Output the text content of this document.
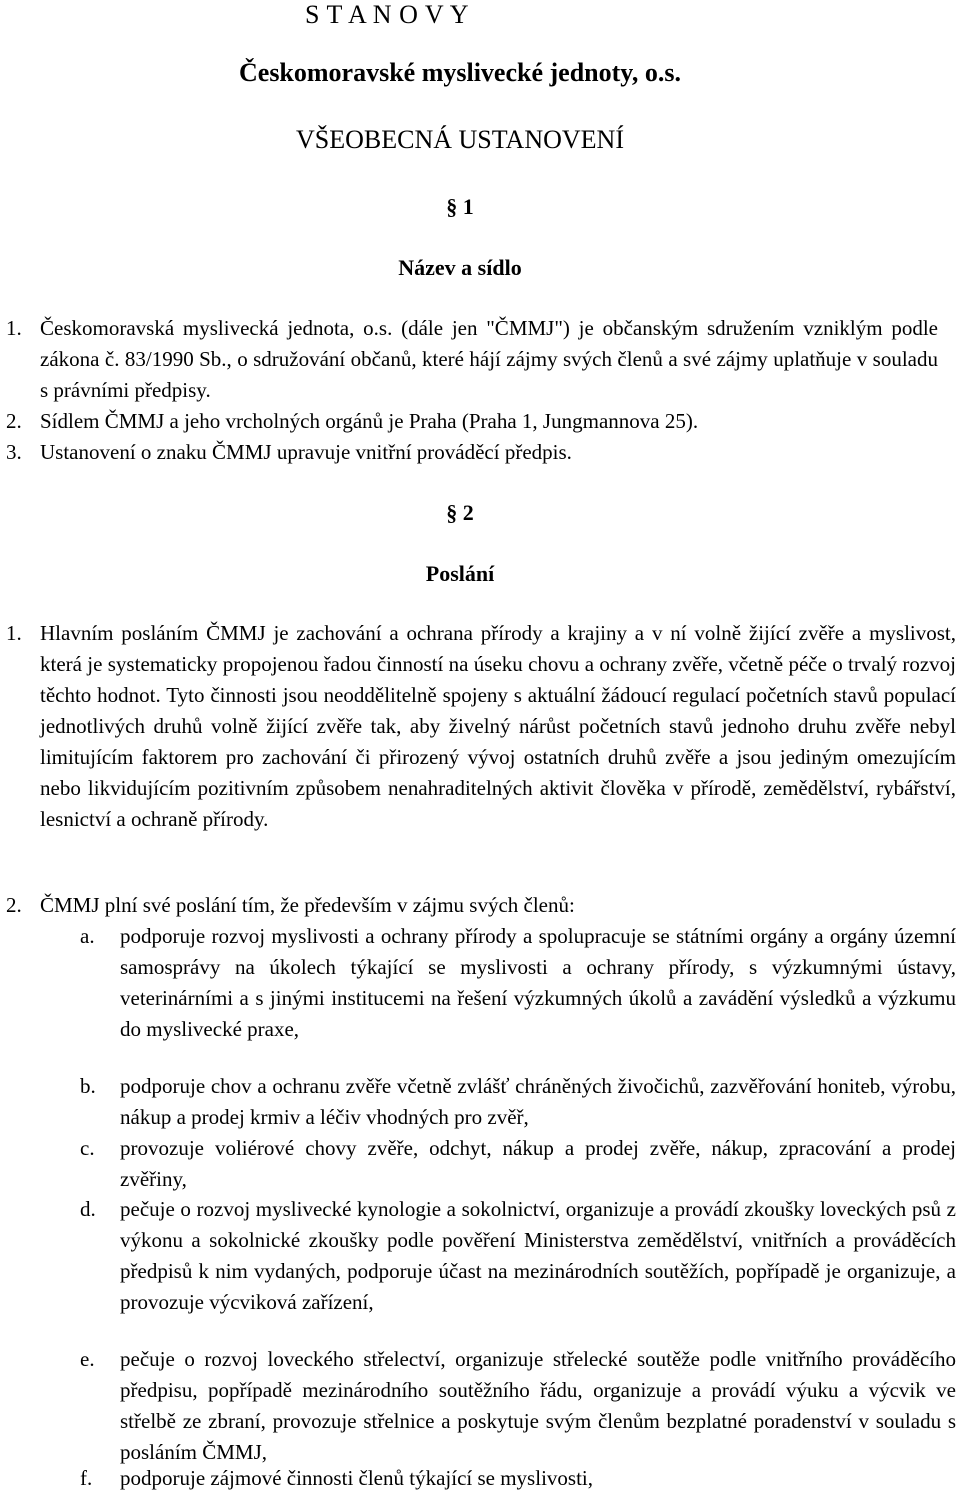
S T A N O V Y
Českomoravské myslivecké jednoty, o.s.
VŠEOBECNÁ USTANOVENÍ
§ 1
Název a sídlo
1. Českomoravská myslivecká jednota, o.s. (dále jen "ČMMJ") je občanským sdružením vzniklým podle zákona č. 83/1990 Sb., o sdružování občanů, které hájí zájmy svých členů a své zájmy uplatňuje v souladu s právními předpisy.
2. Sídlem ČMMJ a jeho vrcholných orgánů je Praha (Praha 1, Jungmannova 25).
3. Ustanovení o znaku ČMMJ upravuje vnitřní prováděcí předpis.
§ 2
Poslání
1. Hlavním posláním ČMMJ je zachování a ochrana přírody a krajiny a v ní volně žijící zvěře a myslivost, která je systematicky propojenou řadou činností na úseku chovu a ochrany zvěře, včetně péče o trvalý rozvoj těchto hodnot. Tyto činnosti jsou neoddělitelně spojeny s aktuální žádoucí regulací početních stavů populací jednotlivých druhů volně žijící zvěře tak, aby živelný nárůst početních stavů jednoho druhu zvěře nebyl limitujícím faktorem pro zachování či přirozený vývoj ostatních druhů zvěře a jsou jediným omezujícím nebo likvidujícím pozitivním způsobem nenahraditelných aktivit člověka v přírodě, zemědělství, rybářství, lesnictví a ochraně přírody.
2. ČMMJ plní své poslání tím, že především v zájmu svých členů:
a. podporuje rozvoj myslivosti a ochrany přírody a spolupracuje se státními orgány a orgány územní samosprávy na úkolech týkající se myslivosti a ochrany přírody, s výzkumnými ústavy, veterinárními a s jinými institucemi na řešení výzkumných úkolů a zavádění výsledků a výzkumu do myslivecké praxe,
b. podporuje chov a ochranu zvěře včetně zvlášť chráněných živočichů, zazvěřování honiteb, výrobu, nákup a prodej krmiv a léčiv vhodných pro zvěř,
c. provozuje voliérové chovy zvěře, odchyt, nákup a prodej zvěře, nákup, zpracování a prodej zvěřiny,
d. pečuje o rozvoj myslivecké kynologie a sokolnictví, organizuje a provádí zkoušky loveckých psů z výkonu a sokolnické zkoušky podle pověření Ministerstva zemědělství, vnitřních a prováděcích předpisů k nim vydaných, podporuje účast na mezinárodních soutěžích, popřípadě je organizuje, a provozuje výcviková zařízení,
e. pečuje o rozvoj loveckého střelectví, organizuje střelecké soutěže podle vnitřního prováděcího předpisu, popřípadě mezinárodního soutěžního řádu, organizuje a provádí výuku a výcvik ve střelbě ze zbraní, provozuje střelnice a poskytuje svým členům bezplatné poradenství v souladu s posláním ČMMJ,
f. podporuje zájmové činnosti členů týkající se myslivosti,
